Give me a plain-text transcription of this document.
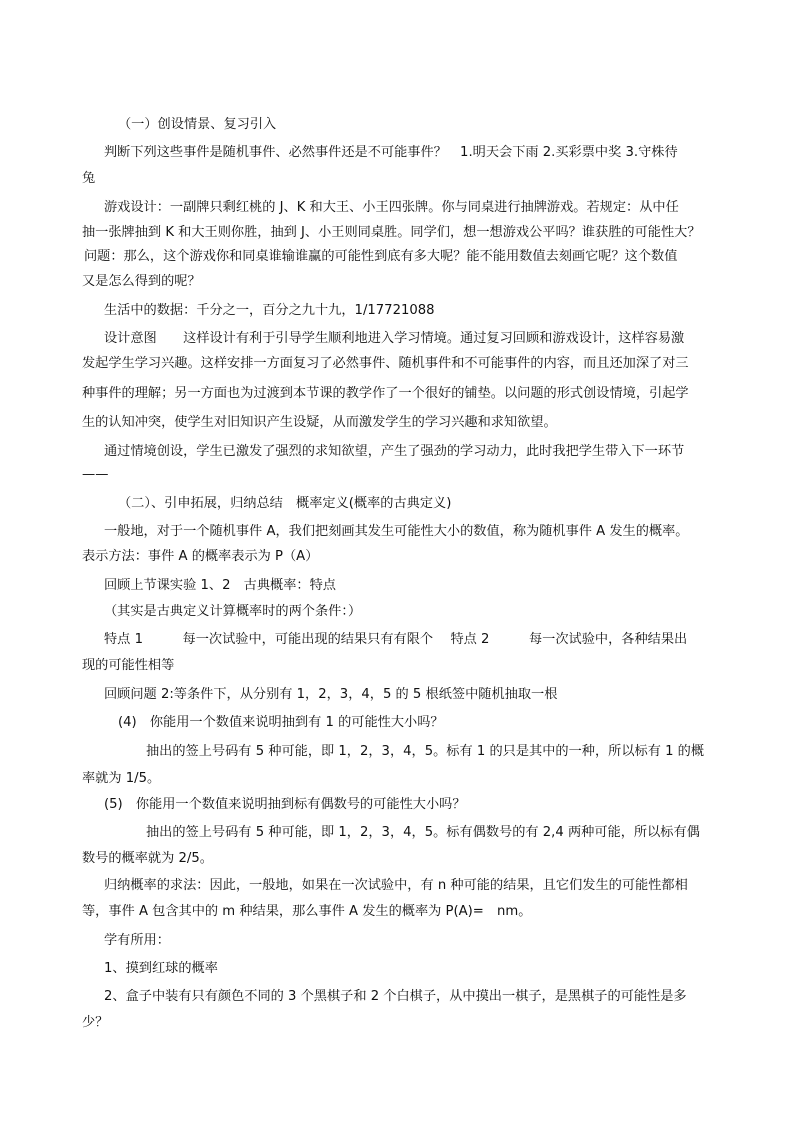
（一）创设情景、复习引入

判断下列这些事件是随机事件、必然事件还是不可能事件？　1.明天会下雨 2.买彩票中奖 3.守株待

兔

游戏设计：一副牌只剩红桃的 J、K 和大王、小王四张牌。你与同桌进行抽牌游戏。若规定：从中任

抽一张牌抽到 K 和大王则你胜，抽到 J、小王则同桌胜。同学们，想一想游戏公平吗？谁获胜的可能性大？

问题：那么，这个游戏你和同桌谁输谁赢的可能性到底有多大呢？能不能用数值去刻画它呢？这个数值

又是怎么得到的呢？

生活中的数据：千分之一，百分之九十九，1/17721088

设计意图　　这样设计有利于引导学生顺利地进入学习情境。通过复习回顾和游戏设计，这样容易激

发起学生学习兴趣。这样安排一方面复习了必然事件、随机事件和不可能事件的内容，而且还加深了对三

种事件的理解；另一方面也为过渡到本节课的教学作了一个很好的铺垫。以问题的形式创设情境，引起学

生的认知冲突，使学生对旧知识产生设疑，从而激发学生的学习兴趣和求知欲望。

通过情境创设，学生已激发了强烈的求知欲望，产生了强劲的学习动力，此时我把学生带入下一环节

——

（二）、引申拓展，归纳总结　概率定义(概率的古典定义)

一般地，对于一个随机事件 A，我们把刻画其发生可能性大小的数值，称为随机事件 A 发生的概率。

表示方法：事件 A 的概率表示为 P（A）

回顾上节课实验 1、2　古典概率：特点

（其实是古典定义计算概率时的两个条件：）

特点 1　　　每一次试验中，可能出现的结果只有有限个　 特点 2　　　每一次试验中，各种结果出

现的可能性相等

回顾问题 2:等条件下，从分别有 1，2，3，4，5 的 5 根纸签中随机抽取一根

(4)　你能用一个数值来说明抽到有 1 的可能性大小吗？

抽出的签上号码有 5 种可能，即 1，2，3，4，5。标有 1 的只是其中的一种，所以标有 1 的概

率就为 1/5。

(5)　你能用一个数值来说明抽到标有偶数号的可能性大小吗？

抽出的签上号码有 5 种可能，即 1，2，3，4，5。标有偶数号的有 2,4 两种可能，所以标有偶

数号的概率就为 2/5。

归纳概率的求法：因此，一般地，如果在一次试验中，有 n 种可能的结果，且它们发生的可能性都相

等，事件 A 包含其中的 m 种结果，那么事件 A 发生的概率为 P(A)=　nm。

学有所用：

1、摸到红球的概率

2、盒子中装有只有颜色不同的 3 个黑棋子和 2 个白棋子，从中摸出一棋子，是黑棋子的可能性是多

少？
